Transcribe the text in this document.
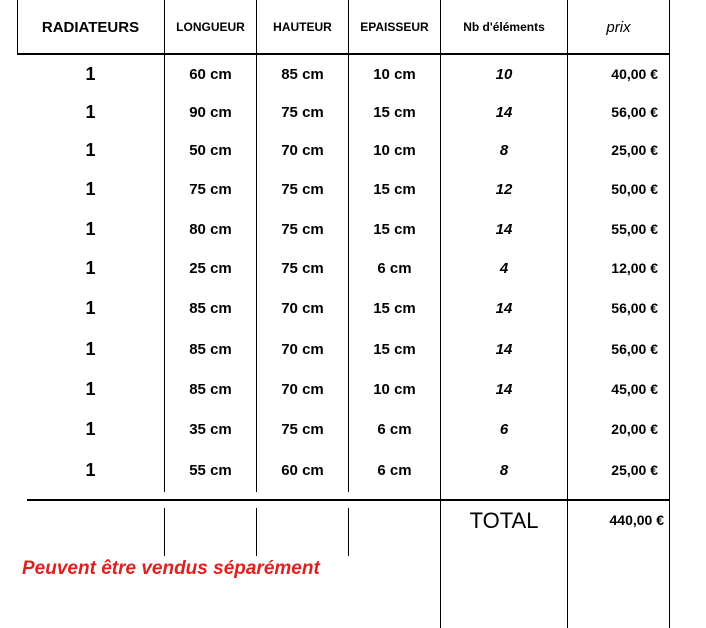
RADIATEURS	LONGUEUR	HAUTEUR	EPAISSEUR	Nb d'éléments	prix
1	60 cm	85 cm	10 cm	10	40,00 €
1	90 cm	75 cm	15 cm	14	56,00 €
1	50 cm	70 cm	10 cm	8	25,00 €
1	75 cm	75 cm	15 cm	12	50,00 €
1	80 cm	75 cm	15 cm	14	55,00 €
1	25 cm	75 cm	6 cm	4	12,00 €
1	85 cm	70 cm	15 cm	14	56,00 €
1	85 cm	70 cm	15 cm	14	56,00 €
1	85 cm	70 cm	10 cm	14	45,00 €
1	35 cm	75 cm	6 cm	6	20,00 €
1	55 cm	60 cm	6 cm	8	25,00 €
TOTAL	440,00 €
Peuvent être vendus séparément
